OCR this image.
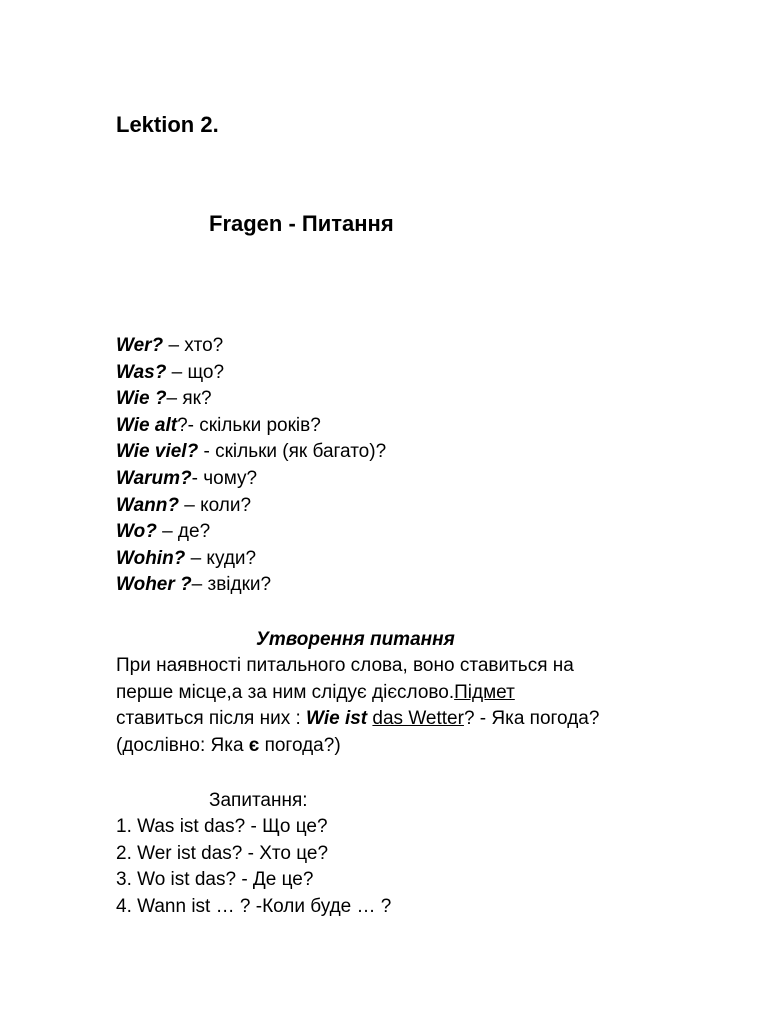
Lektion 2.
Fragen - Питання
Wer? – хто?
Was? – що?
Wie ?– як?
Wie alt?- скільки років?
Wie viel? - скільки (як багато)?
Warum?- чому?
Wann? – коли?
Wo? – де?
Wohin? – куди?
Woher ?– звідки?
Утворення питання
При наявності питального слова, воно ставиться на
перше місце,а за ним слідує дієслово.Підмет
ставиться після них : Wie ist das Wetter? - Яка погода?
(дослівно: Яка є погода?)
Запитання:
1. Was ist das? - Що це?
2. Wer ist das? - Хто це?
3. Wo ist das? - Де це?
4. Wann ist … ? -Коли буде … ?
